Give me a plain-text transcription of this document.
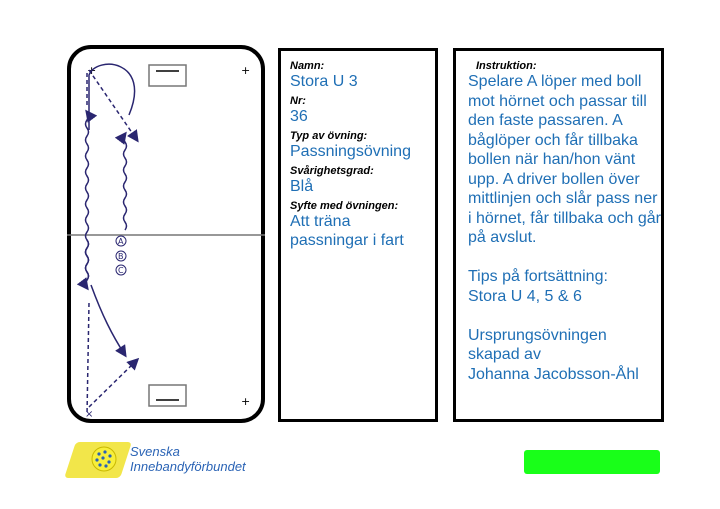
+	+
+
×
A
B
C
Namn:
Stora U 3
Nr:
36
Typ av övning:
Passningsövning
Svårighetsgrad:
Blå
Syfte med övningen:
Att träna
passningar i fart
Instruktion:
Spelare A löper med boll mot hörnet och passar till den faste passaren. A båglöper och får tillbaka bollen när han/hon vänt upp. A driver bollen över mittlinjen och slår pass ner i hörnet, får tillbaka och går på avslut.

Tips på fortsättning:
Stora U 4, 5 & 6

Ursprungsövningen skapad av
Johanna Jacobsson-Åhl
Svenska
Innebandyförbundet
